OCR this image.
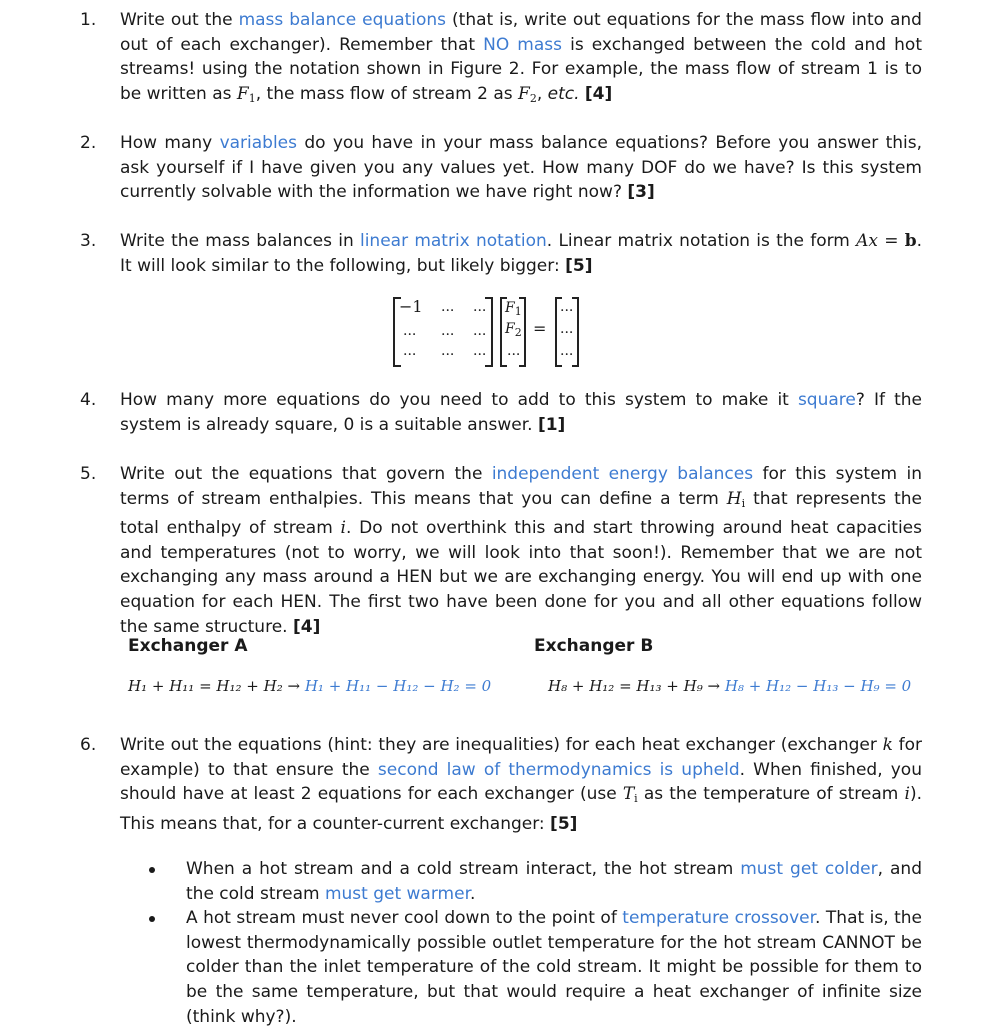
1.	Write out the mass balance equations (that is, write out equations for the mass flow into and out of each exchanger). Remember that NO mass is exchanged between the cold and hot streams! using the notation shown in Figure 2. For example, the mass flow of stream 1 is to be written as $F_1$, the mass flow of stream 2 as $F_2$, etc. [4]
2.	How many variables do you have in your mass balance equations? Before you answer this, ask yourself if I have given you any values yet. How many DOF do we have? Is this system currently solvable with the information we have right now? [3]
3.	Write the mass balances in linear matrix notation. Linear matrix notation is the form Ax = b. It will look similar to the following, but likely bigger: [5]
−1 ... ...
... ... ...
... ... ...
$F_1$
$F_2$
...
=
...
...
...
4.	How many more equations do you need to add to this system to make it square? If the system is already square, 0 is a suitable answer. [1]
5.	Write out the equations that govern the independent energy balances for this system in terms of stream enthalpies. This means that you can define a term $H_i$ that represents the total enthalpy of stream i. Do not overthink this and start throwing around heat capacities and temperatures (not to worry, we will look into that soon!). Remember that we are not exchanging any mass around a HEN but we are exchanging energy. You will end up with one equation for each HEN. The first two have been done for you and all other equations follow the same structure. [4]
Exchanger A
H₁ + H₁₁ = H₁₂ + H₂ → H₁ + H₁₁ − H₁₂ − H₂ = 0
Exchanger B
H₈ + H₁₂ = H₁₃ + H₉ → H₈ + H₁₂ − H₁₃ − H₉ = 0
6.	Write out the equations (hint: they are inequalities) for each heat exchanger (exchanger k for example) to that ensure the second law of thermodynamics is upheld. When finished, you should have at least 2 equations for each exchanger (use $T_i$ as the temperature of stream i). This means that, for a counter-current exchanger: [5]
When a hot stream and a cold stream interact, the hot stream must get colder, and the cold stream must get warmer.
A hot stream must never cool down to the point of temperature crossover. That is, the lowest thermodynamically possible outlet temperature for the hot stream CANNOT be colder than the inlet temperature of the cold stream. It might be possible for them to be the same temperature, but that would require a heat exchanger of infinite size (think why?).
